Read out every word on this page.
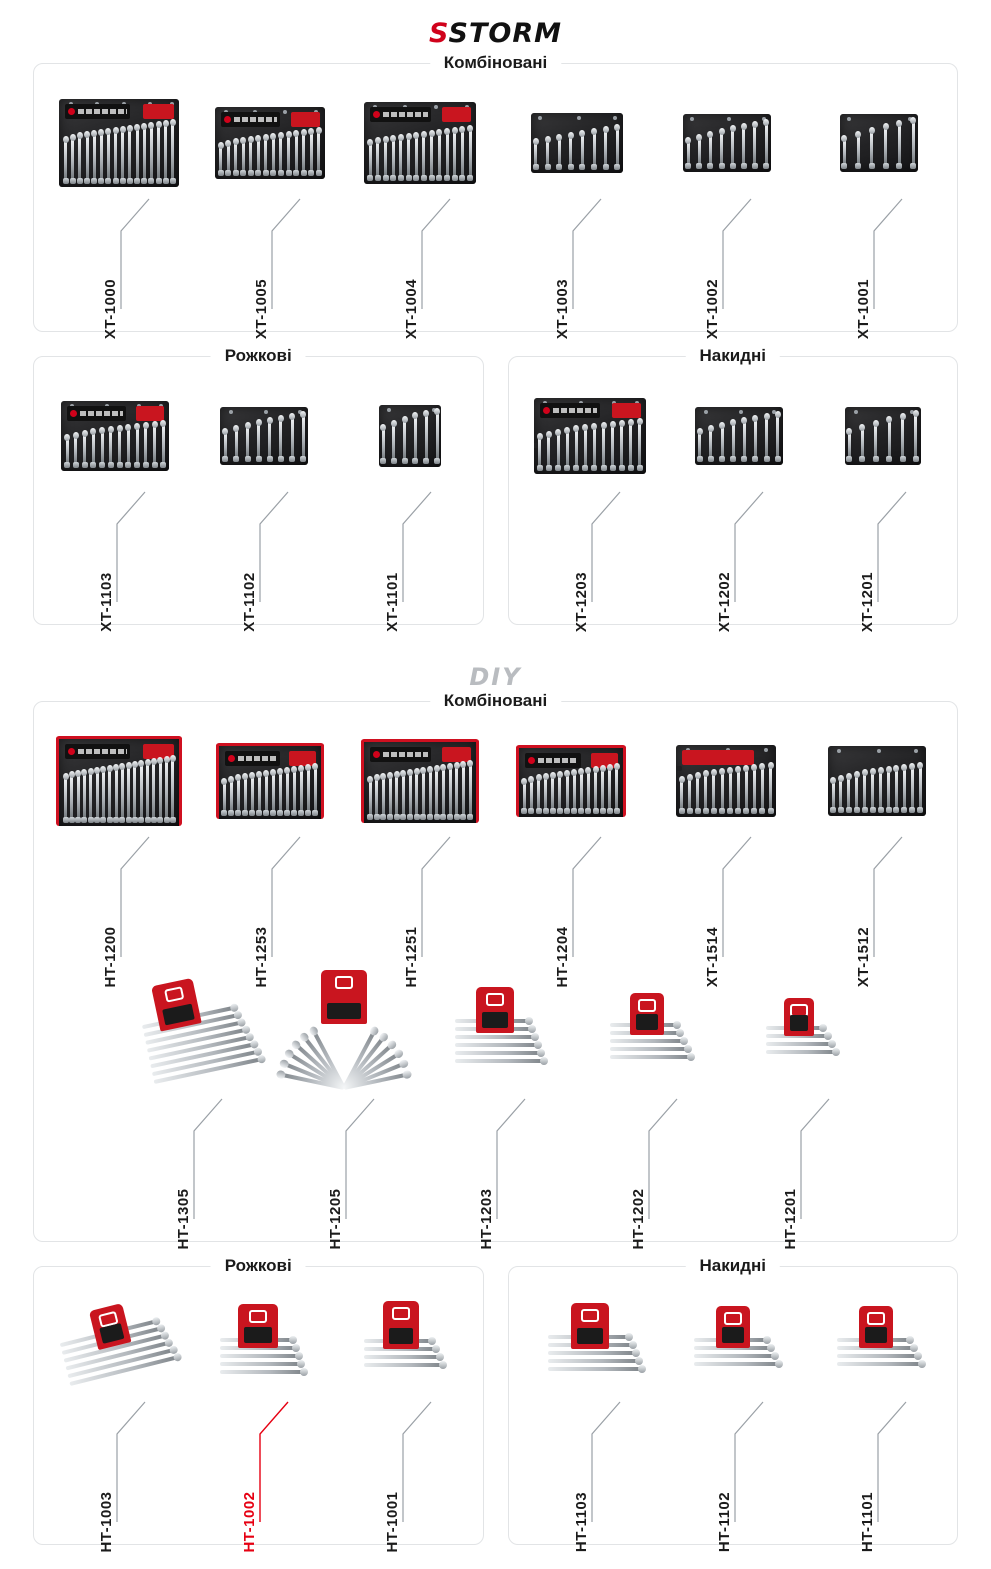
SSTORM
Комбіновані
XT-1000	XT-1005	XT-1004	XT-1003	XT-1002	XT-1001
Рожкові
XT-1103	XT-1102	XT-1101
Накидні
XT-1203	XT-1202	XT-1201
DIY
Комбіновані
HT-1200	HT-1253	HT-1251	HT-1204	XT-1514	XT-1512
HT-1305	HT-1205	HT-1203	HT-1202	HT-1201
Рожкові
HT-1003	HT-1002	HT-1001
Накидні
HT-1103	HT-1102	HT-1101
